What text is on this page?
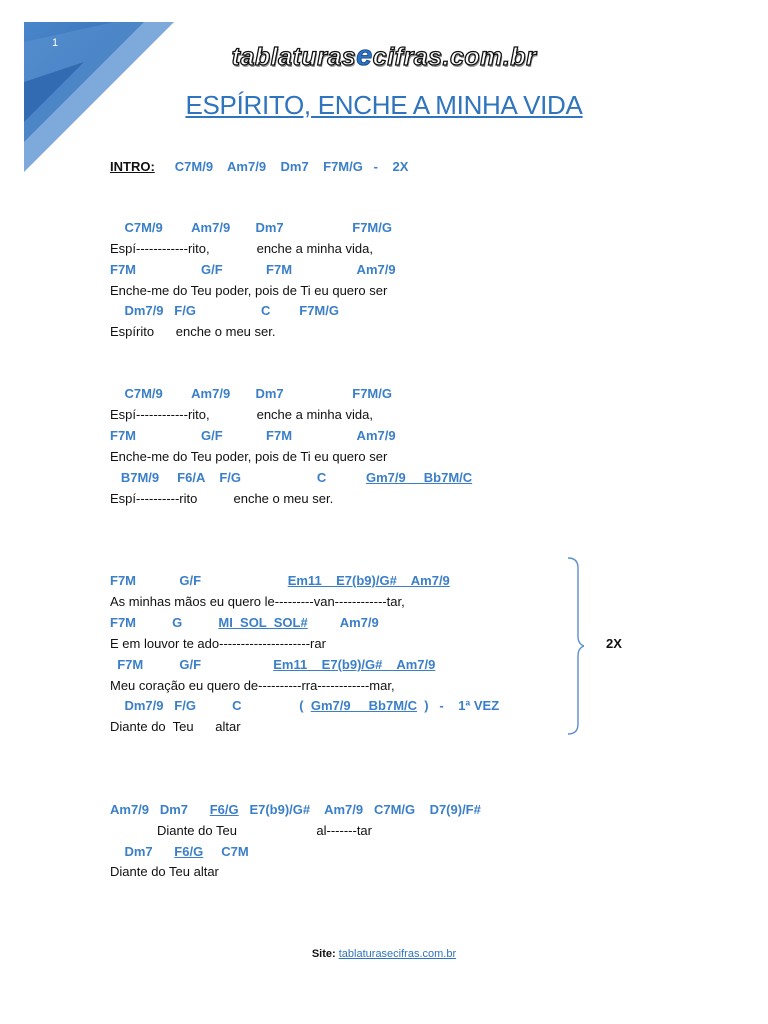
1	tablaturasecifras.com.br
ESPÍRITO, ENCHE A MINHA VIDA
INTRO: C7M/9    Am7/9    Dm7    F7M/G   -    2X
C7M/9        Am7/9       Dm7                   F7M/G
Espí------------rito,             enche a minha vida,
F7M                  G/F            F7M                  Am7/9
Enche-me do Teu poder, pois de Ti eu quero ser
Dm7/9   F/G                  C        F7M/G
Espírito      enche o meu ser.
C7M/9        Am7/9       Dm7                   F7M/G
Espí------------rito,             enche a minha vida,
F7M                  G/F            F7M                  Am7/9
Enche-me do Teu poder, pois de Ti eu quero ser
B7M/9     F6/A    F/G                     C           Gm7/9     Bb7M/C
Espí----------rito          enche o meu ser.
F7M            G/F                        Em11    E7(b9)/G#    Am7/9
As minhas mãos eu quero le---------van------------tar,
F7M          G          MI  SOL  SOL#         Am7/9
E em louvor te ado---------------------rar
F7M          G/F                    Em11    E7(b9)/G#    Am7/9
Meu coração eu quero de----------rra------------mar,
Dm7/9   F/G          C                (  Gm7/9     Bb7M/C  )   -    1ª VEZ
Diante do  Teu      altar
2X
Am7/9   Dm7      F6/G   E7(b9)/G#    Am7/9   C7M/G    D7(9)/F#
Diante do Teu                      al-------tar
Dm7      F6/G     C7M
Diante do Teu altar
Site: tablaturasecifras.com.br
